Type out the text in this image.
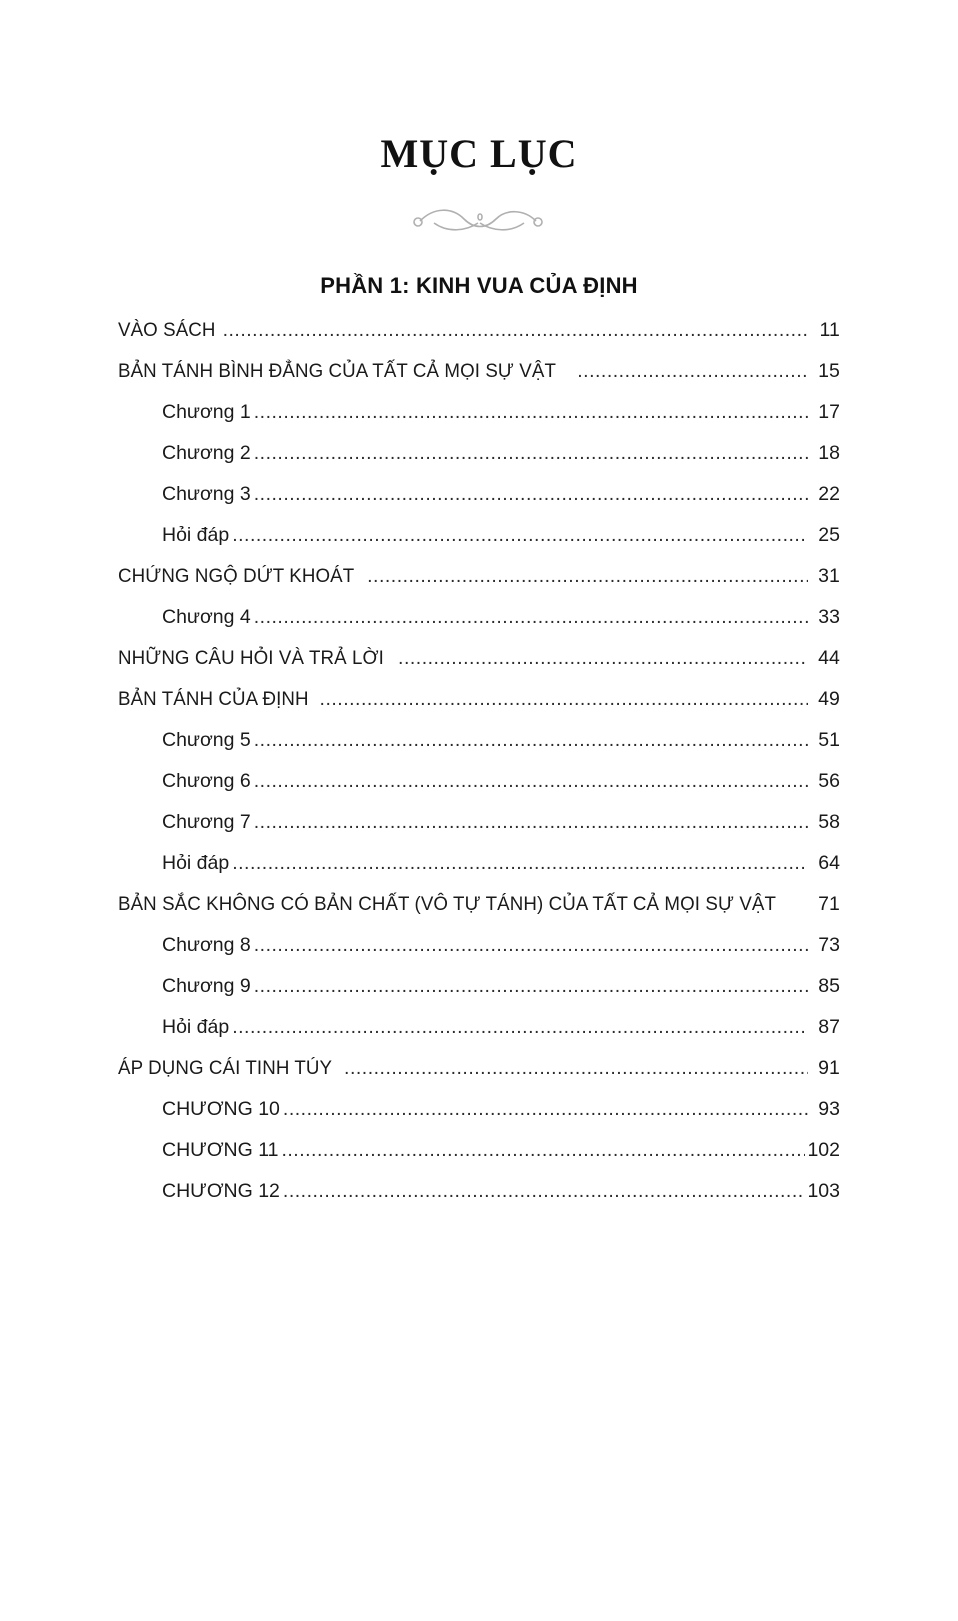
MỤC LỤC
PHẦN 1: KINH VUA CỦA ĐỊNH
VÀO SÁCH .....	11
BẢN TÁNH BÌNH ĐẲNG CỦA TẤT CẢ MỌI SỰ VẬT .....	15
Chương 1 .....	17
Chương 2 .....	18
Chương 3 .....	22
Hỏi đáp .....	25
CHỨNG NGỘ DỨT KHOÁT .....	31
Chương 4 .....	33
NHỮNG CÂU HỎI VÀ TRẢ LỜI .....	44
BẢN TÁNH CỦA ĐỊNH .....	49
Chương 5 .....	51
Chương 6 .....	56
Chương 7 .....	58
Hỏi đáp .....	64
BẢN SẮC KHÔNG CÓ BẢN CHẤT (VÔ TỰ TÁNH) CỦA TẤT CẢ MỌI SỰ VẬT .....	71
Chương 8 .....	73
Chương 9 .....	85
Hỏi đáp .....	87
ÁP DỤNG CÁI TINH TÚY .....	91
CHƯƠNG 10 .....	93
CHƯƠNG 11 .....	102
CHƯƠNG 12 .....	103
